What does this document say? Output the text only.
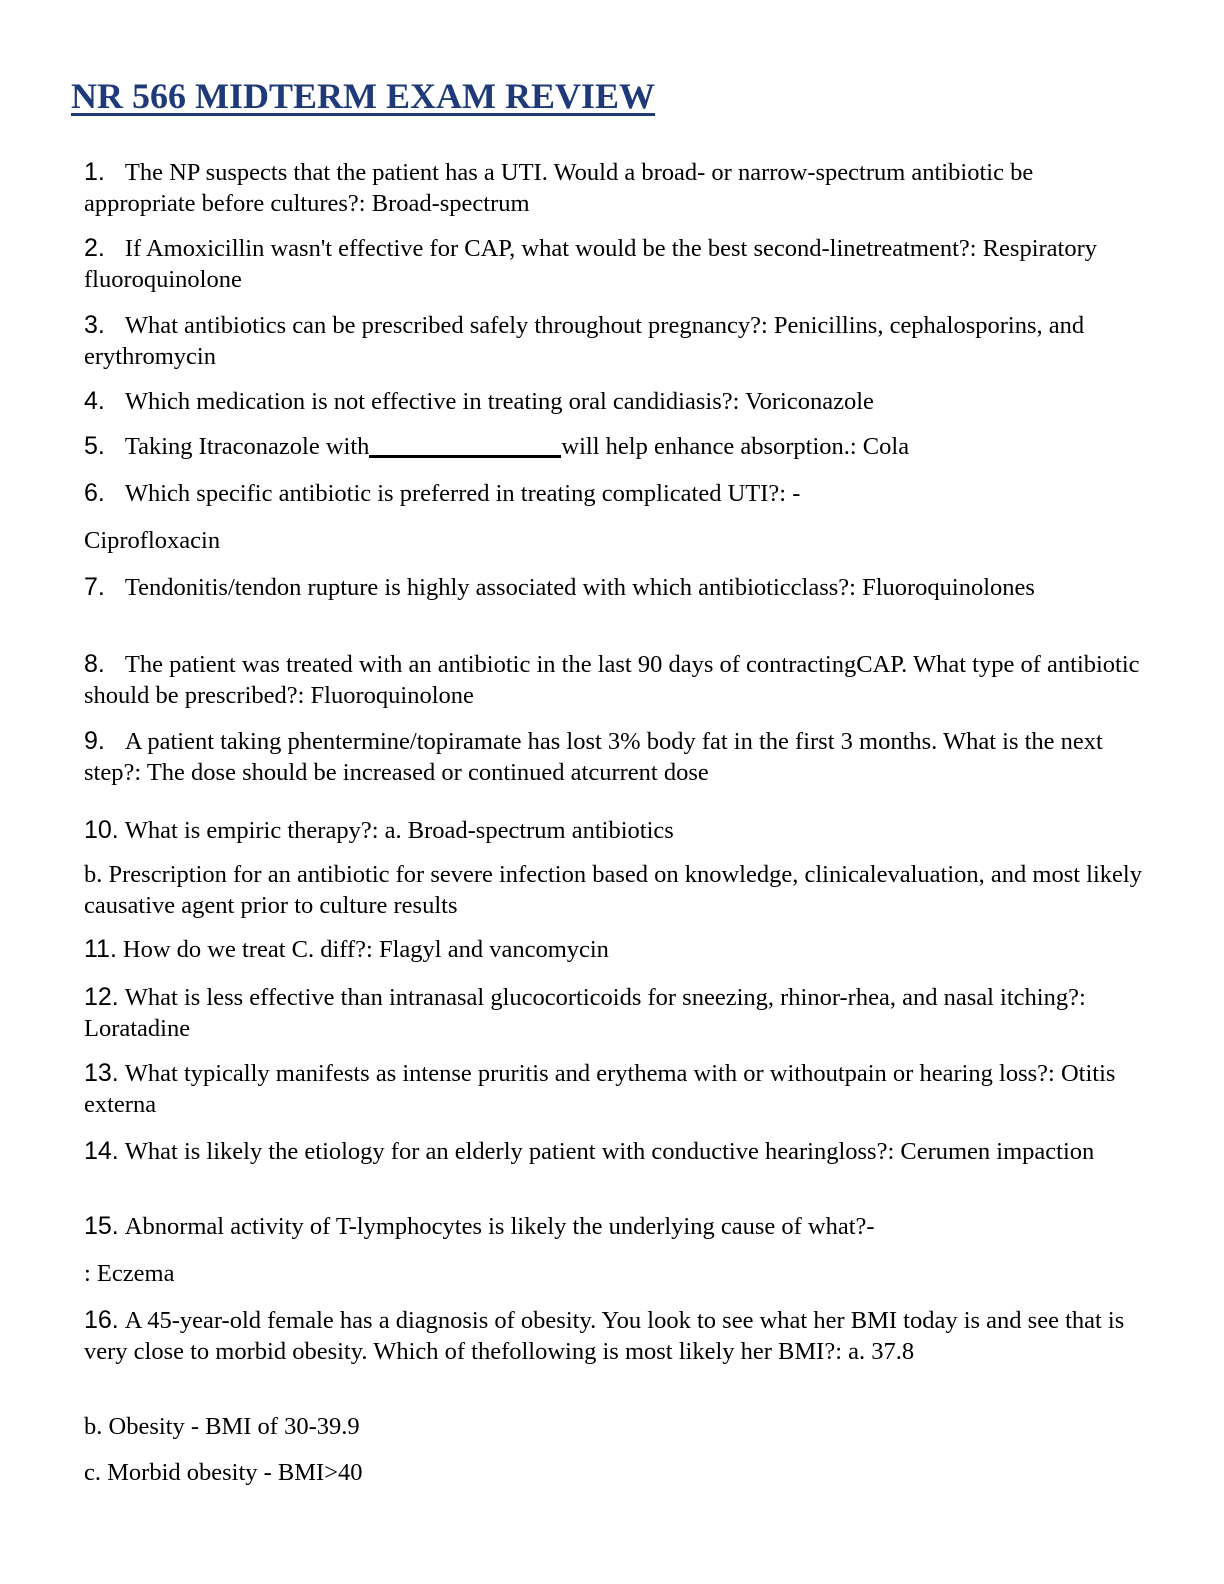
NR 566 MIDTERM EXAM REVIEW

1. The NP suspects that the patient has a UTI. Would a broad- or narrow-spectrum antibiotic be appropriate before cultures?: Broad-spectrum

2. If Amoxicillin wasn't effective for CAP, what would be the best second-linetreatment?: Respiratory fluoroquinolone

3. What antibiotics can be prescribed safely throughout pregnancy?: Penicillins, cephalosporins, and erythromycin

4. Which medication is not effective in treating oral candidiasis?: Voriconazole

5. Taking Itraconazole with	will help enhance absorption.: Cola

6. Which specific antibiotic is preferred in treating complicated UTI?: -

Ciprofloxacin

7. Tendonitis/tendon rupture is highly associated with which antibioticclass?: Fluoroquinolones

8. The patient was treated with an antibiotic in the last 90 days of contractingCAP. What type of antibiotic should be prescribed?: Fluoroquinolone

9. A patient taking phentermine/topiramate has lost 3% body fat in the first 3 months. What is the next step?: The dose should be increased or continued atcurrent dose

10. What is empiric therapy?: a. Broad-spectrum antibiotics

b. Prescription for an antibiotic for severe infection based on knowledge, clinicalevaluation, and most likely causative agent prior to culture results

11. How do we treat C. diff?: Flagyl and vancomycin

12. What is less effective than intranasal glucocorticoids for sneezing, rhinor-rhea, and nasal itching?: Loratadine

13. What typically manifests as intense pruritis and erythema with or withoutpain or hearing loss?: Otitis externa

14. What is likely the etiology for an elderly patient with conductive hearingloss?: Cerumen impaction

15. Abnormal activity of T-lymphocytes is likely the underlying cause of what?-

: Eczema

16. A 45-year-old female has a diagnosis of obesity. You look to see what her BMI today is and see that is very close to morbid obesity. Which of thefollowing is most likely her BMI?: a. 37.8

b. Obesity - BMI of 30-39.9

c. Morbid obesity - BMI>40
